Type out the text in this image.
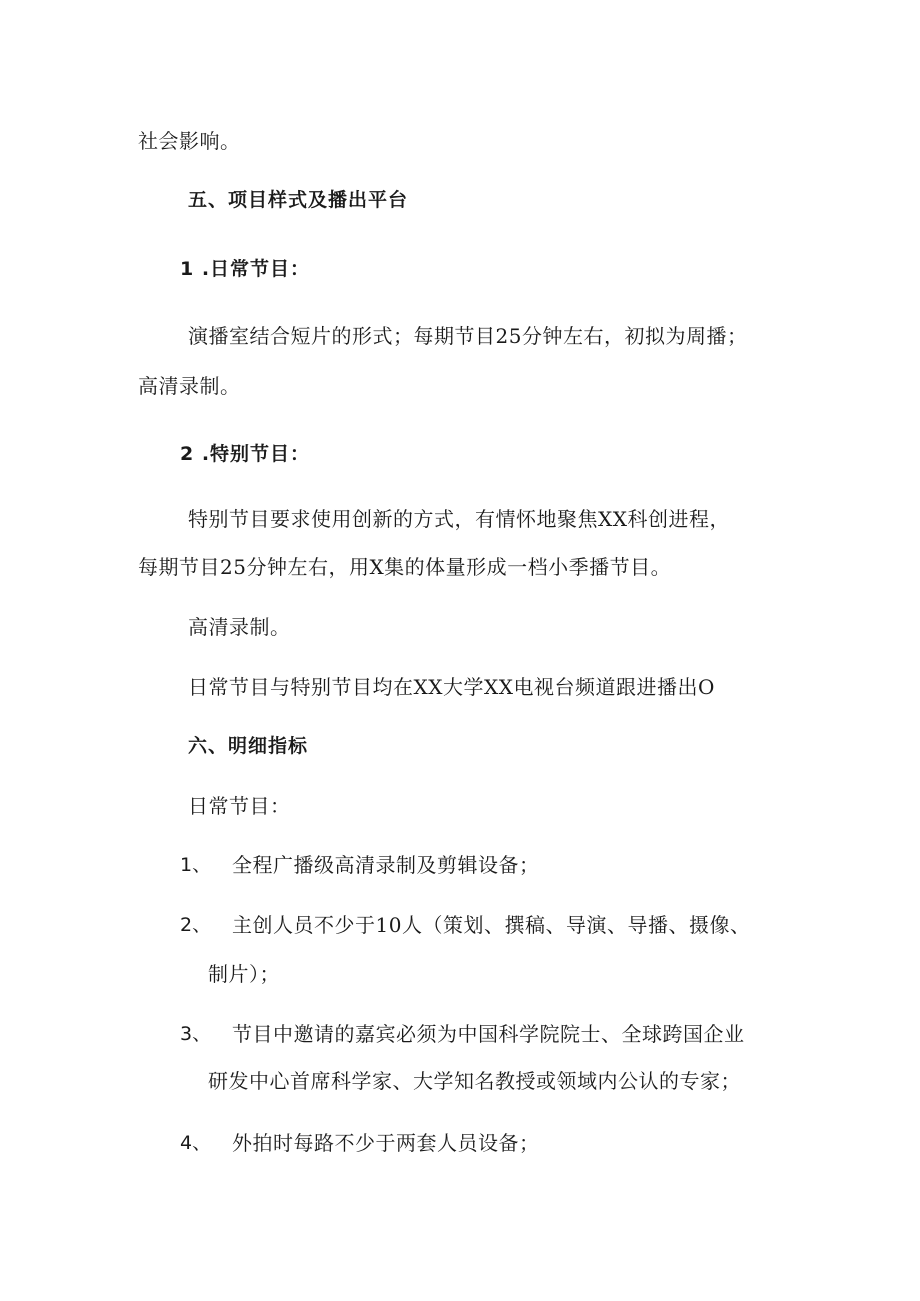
社会影响。
五、项目样式及播出平台
1 .日常节目：
演播室结合短片的形式；每期节目25分钟左右，初拟为周播；
高清录制。
2 .特别节目：
特别节目要求使用创新的方式，有情怀地聚焦XX科创进程，
每期节目25分钟左右，用X集的体量形成一档小季播节目。
高清录制。
日常节目与特别节目均在XX大学XX电视台频道跟进播出O
六、明细指标
日常节目：
1、 全程广播级高清录制及剪辑设备；
2、 主创人员不少于10人（策划、撰稿、导演、导播、摄像、
制片）；
3、 节目中邀请的嘉宾必须为中国科学院院士、全球跨国企业
研发中心首席科学家、大学知名教授或领域内公认的专家；
4、 外拍时每路不少于两套人员设备；
